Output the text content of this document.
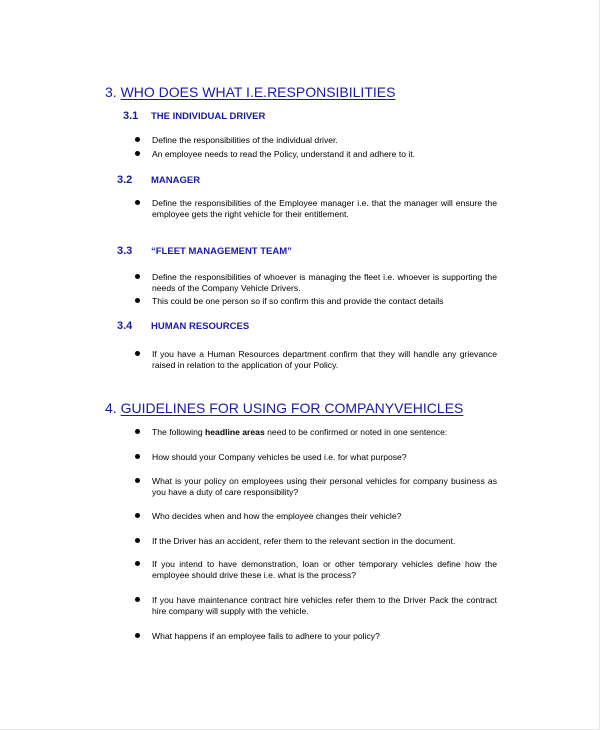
3. WHO DOES WHAT I.E.RESPONSIBILITIES
3.1 THE INDIVIDUAL DRIVER
Define the responsibilities of the individual driver.
An employee needs to read the Policy, understand it and adhere to it.
3.2 MANAGER
Define the responsibilities of the Employee manager i.e. that the manager will ensure the employee gets the right vehicle for their entitlement.
3.3 “FLEET MANAGEMENT TEAM”
Define the responsibilities of whoever is managing the fleet i.e. whoever is supporting the needs of the Company Vehicle Drivers.
This could be one person so if so confirm this and provide the contact details
3.4 HUMAN RESOURCES
If you have a Human Resources department confirm that they will handle any grievance raised in relation to the application of your Policy.
4. GUIDELINES FOR USING FOR COMPANYVEHICLES
The following headline areas need to be confirmed or noted in one sentence:
How should your Company vehicles be used i.e. for what purpose?
What is your policy on employees using their personal vehicles for company business as you have a duty of care responsibility?
Who decides when and how the employee changes their vehicle?
If the Driver has an accident, refer them to the relevant section in the document.
If you intend to have demonstration, loan or other temporary vehicles define how the employee should drive these i.e. what is the process?
If you have maintenance contract hire vehicles refer them to the Driver Pack the contract hire company will supply with the vehicle.
What happens if an employee fails to adhere to your policy?
